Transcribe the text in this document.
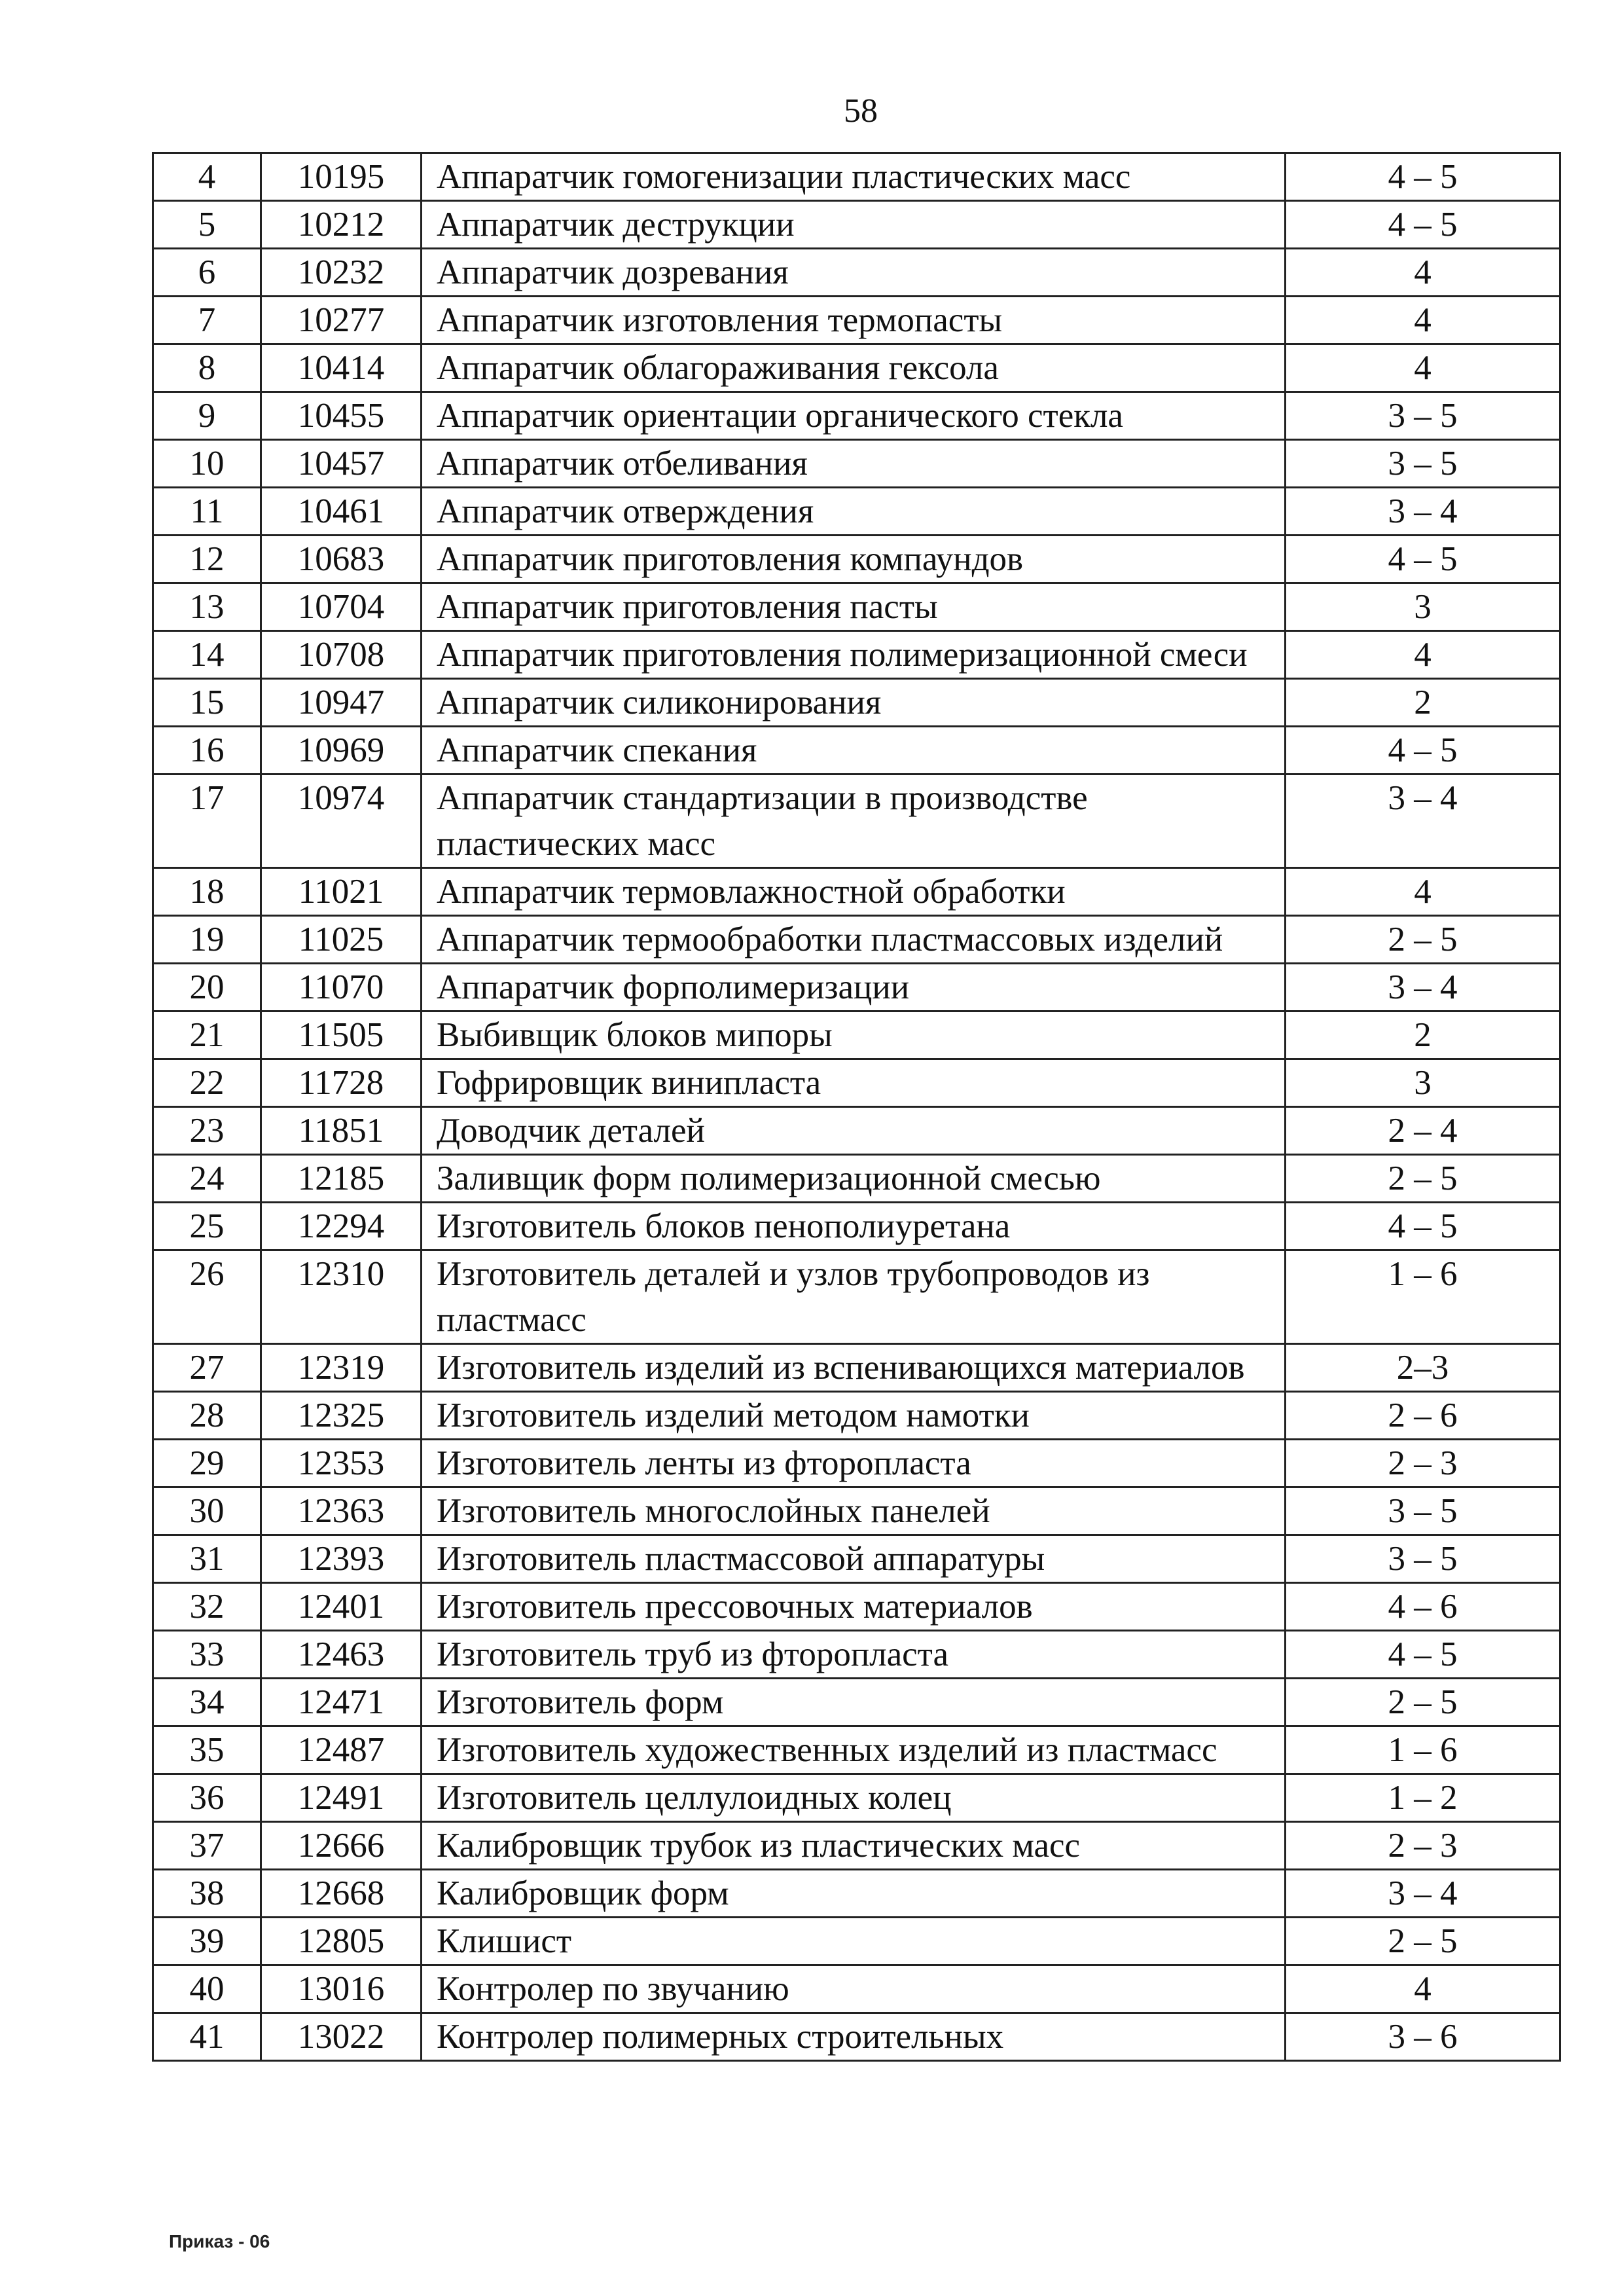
58
4	10195	Аппаратчик гомогенизации пластических масс	4 – 5
5	10212	Аппаратчик деструкции	4 – 5
6	10232	Аппаратчик дозревания	4
7	10277	Аппаратчик изготовления термопасты	4
8	10414	Аппаратчик облагораживания гексола	4
9	10455	Аппаратчик ориентации органического стекла	3 – 5
10	10457	Аппаратчик отбеливания	3 – 5
11	10461	Аппаратчик отверждения	3 – 4
12	10683	Аппаратчик приготовления компаундов	4 – 5
13	10704	Аппаратчик приготовления пасты	3
14	10708	Аппаратчик приготовления полимеризационной смеси	4
15	10947	Аппаратчик силиконирования	2
16	10969	Аппаратчик спекания	4 – 5
17	10974	Аппаратчик стандартизации в производстве пластических масс	3 – 4
18	11021	Аппаратчик термовлажностной обработки	4
19	11025	Аппаратчик термообработки пластмассовых изделий	2 – 5
20	11070	Аппаратчик форполимеризации	3 – 4
21	11505	Выбивщик блоков мипоры	2
22	11728	Гофрировщик винипласта	3
23	11851	Доводчик деталей	2 – 4
24	12185	Заливщик форм полимеризационной смесью	2 – 5
25	12294	Изготовитель блоков пенополиуретана	4 – 5
26	12310	Изготовитель деталей и узлов трубопроводов из пластмасс	1 – 6
27	12319	Изготовитель изделий из вспенивающихся материалов	2–3
28	12325	Изготовитель изделий методом намотки	2 – 6
29	12353	Изготовитель ленты из фторопласта	2 – 3
30	12363	Изготовитель многослойных панелей	3 – 5
31	12393	Изготовитель пластмассовой аппаратуры	3 – 5
32	12401	Изготовитель прессовочных материалов	4 – 6
33	12463	Изготовитель труб из фторопласта	4 – 5
34	12471	Изготовитель форм	2 – 5
35	12487	Изготовитель художественных изделий из пластмасс	1 – 6
36	12491	Изготовитель целлулоидных колец	1 – 2
37	12666	Калибровщик трубок из пластических масс	2 – 3
38	12668	Калибровщик форм	3 – 4
39	12805	Клишист	2 – 5
40	13016	Контролер по звучанию	4
41	13022	Контролер полимерных строительных	3 – 6
Приказ - 06
